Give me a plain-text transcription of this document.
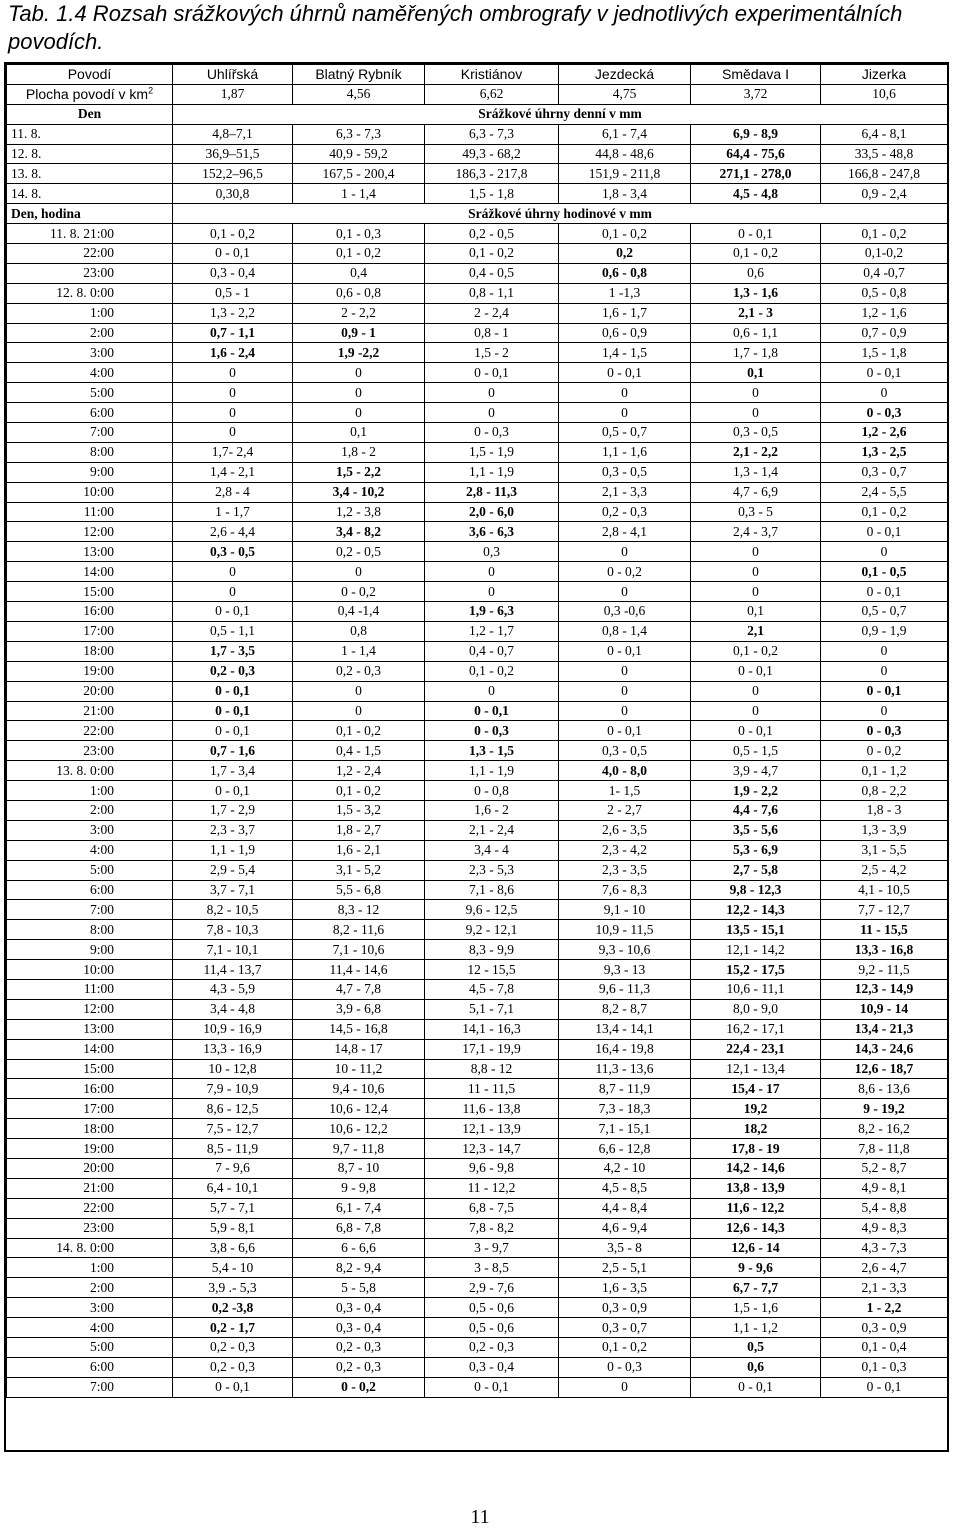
Tab. 1.4 Rozsah srážkových úhrnů naměřených ombrografy v jednotlivých experimentálních povodích.
Povodí	Uhlířská	Blatný Rybník	Kristiánov	Jezdecká	Smědava I	Jizerka
Plocha povodí v $km^2$	1,87	4,56	6,62	4,75	3,72	10,6
Den	Srážkové úhrny denní v mm					
11. 8.	4,8–7,1	6,3 - 7,3	6,3 - 7,3	6,1 - 7,4	6,9 - 8,9	6,4 - 8,1
12. 8.	36,9–51,5	40,9 - 59,2	49,3 - 68,2	44,8 - 48,6	64,4 - 75,6	33,5 - 48,8
13. 8.	152,2–96,5	167,5 - 200,4	186,3 - 217,8	151,9 - 211,8	271,1 - 278,0	166,8 - 247,8
14. 8.	0,30,8	1 - 1,4	1,5 - 1,8	1,8 - 3,4	4,5 - 4,8	0,9 - 2,4
Den, hodina	Srážkové úhrny hodinové v mm					
11. 8. 21:00	0,1 - 0,2	0,1 - 0,3	0,2 - 0,5	0,1 - 0,2	0 - 0,1	0,1 - 0,2
22:00	0 - 0,1	0,1 - 0,2	0,1 - 0,2	0,2	0,1 - 0,2	0,1-0,2
23:00	0,3 - 0,4	0,4	0,4 - 0,5	0,6 - 0,8	0,6	0,4 -0,7
12. 8. 0:00	0,5 - 1	0,6 - 0,8	0,8 - 1,1	1 -1,3	1,3 - 1,6	0,5 - 0,8
1:00	1,3 - 2,2	2 - 2,2	2 - 2,4	1,6 - 1,7	2,1 - 3	1,2 - 1,6
2:00	0,7 - 1,1	0,9 - 1	0,8 - 1	0,6 - 0,9	0,6 - 1,1	0,7 - 0,9
3:00	1,6 - 2,4	1,9 -2,2	1,5 - 2	1,4 - 1,5	1,7 - 1,8	1,5 - 1,8
4:00	0	0	0 - 0,1	0 - 0,1	0,1	0 - 0,1
5:00	0	0	0	0	0	0
6:00	0	0	0	0	0	0 - 0,3
7:00	0	0,1	0 - 0,3	0,5 - 0,7	0,3 - 0,5	1,2 - 2,6
8:00	1,7- 2,4	1,8 - 2	1,5 - 1,9	1,1 - 1,6	2,1 - 2,2	1,3 - 2,5
9:00	1,4 - 2,1	1,5 - 2,2	1,1 - 1,9	0,3 - 0,5	1,3 - 1,4	0,3 - 0,7
10:00	2,8 - 4	3,4 - 10,2	2,8 - 11,3	2,1 - 3,3	4,7 - 6,9	2,4 - 5,5
11:00	1 - 1,7	1,2 - 3,8	2,0 - 6,0	0,2 - 0,3	0,3 - 5	0,1 - 0,2
12:00	2,6 - 4,4	3,4 - 8,2	3,6 - 6,3	2,8 - 4,1	2,4 - 3,7	0 - 0,1
13:00	0,3 - 0,5	0,2 - 0,5	0,3	0	0	0
14:00	0	0	0	0 - 0,2	0	0,1 - 0,5
15:00	0	0 - 0,2	0	0	0	0 - 0,1
16:00	0 - 0,1	0,4 -1,4	1,9 - 6,3	0,3 -0,6	0,1	0,5 - 0,7
17:00	0,5 - 1,1	0,8	1,2 - 1,7	0,8 - 1,4	2,1	0,9 - 1,9
18:00	1,7 - 3,5	1 - 1,4	0,4 - 0,7	0 - 0,1	0,1 - 0,2	0
19:00	0,2 - 0,3	0,2 - 0,3	0,1 - 0,2	0	0 - 0,1	0
20:00	0 - 0,1	0	0	0	0	0 - 0,1
21:00	0 - 0,1	0	0 - 0,1	0	0	0
22:00	0 - 0,1	0,1 - 0,2	0 - 0,3	0 - 0,1	0 - 0,1	0 - 0,3
23:00	0,7 - 1,6	0,4 - 1,5	1,3 - 1,5	0,3 - 0,5	0,5 - 1,5	0 - 0,2
13. 8. 0:00	1,7 - 3,4	1,2 - 2,4	1,1 - 1,9	4,0 - 8,0	3,9 - 4,7	0,1 - 1,2
1:00	0 - 0,1	0,1 - 0,2	0 - 0,8	1- 1,5	1,9 - 2,2	0,8 - 2,2
2:00	1,7 - 2,9	1,5 - 3,2	1,6 - 2	2 - 2,7	4,4 - 7,6	1,8 - 3
3:00	2,3 - 3,7	1,8 - 2,7	2,1 - 2,4	2,6 - 3,5	3,5 - 5,6	1,3 - 3,9
4:00	1,1 - 1,9	1,6 - 2,1	3,4 - 4	2,3 - 4,2	5,3 - 6,9	3,1 - 5,5
5:00	2,9 - 5,4	3,1 - 5,2	2,3 - 5,3	2,3 - 3,5	2,7 - 5,8	2,5 - 4,2
6:00	3,7 - 7,1	5,5 - 6,8	7,1 - 8,6	7,6 - 8,3	9,8 - 12,3	4,1 - 10,5
7:00	8,2 - 10,5	8,3 - 12	9,6 - 12,5	9,1 - 10	12,2 - 14,3	7,7 - 12,7
8:00	7,8 - 10,3	8,2 - 11,6	9,2 - 12,1	10,9 - 11,5	13,5 - 15,1	11 - 15,5
9:00	7,1 - 10,1	7,1 - 10,6	8,3 - 9,9	9,3 - 10,6	12,1 - 14,2	13,3 - 16,8
10:00	11,4 - 13,7	11,4 - 14,6	12 - 15,5	9,3 - 13	15,2 - 17,5	9,2 - 11,5
11:00	4,3 - 5,9	4,7 - 7,8	4,5 - 7,8	9,6 - 11,3	10,6 - 11,1	12,3 - 14,9
12:00	3,4 - 4,8	3,9 - 6,8	5,1 - 7,1	8,2 - 8,7	8,0 - 9,0	10,9 - 14
13:00	10,9 - 16,9	14,5 - 16,8	14,1 - 16,3	13,4 - 14,1	16,2 - 17,1	13,4 - 21,3
14:00	13,3 - 16,9	14,8 - 17	17,1 - 19,9	16,4 - 19,8	22,4 - 23,1	14,3 - 24,6
15:00	10 - 12,8	10 - 11,2	8,8 - 12	11,3 - 13,6	12,1 - 13,4	12,6 - 18,7
16:00	7,9 - 10,9	9,4 - 10,6	11 - 11,5	8,7 - 11,9	15,4 - 17	8,6 - 13,6
17:00	8,6 - 12,5	10,6 - 12,4	11,6 - 13,8	7,3 - 18,3	19,2	9 - 19,2
18:00	7,5 - 12,7	10,6 - 12,2	12,1 - 13,9	7,1 - 15,1	18,2	8,2 - 16,2
19:00	8,5 - 11,9	9,7 - 11,8	12,3 - 14,7	6,6 - 12,8	17,8 - 19	7,8 - 11,8
20:00	7 - 9,6	8,7 - 10	9,6 - 9,8	4,2 - 10	14,2 - 14,6	5,2 - 8,7
21:00	6,4 - 10,1	9 - 9,8	11 - 12,2	4,5 - 8,5	13,8 - 13,9	4,9 - 8,1
22:00	5,7 - 7,1	6,1 - 7,4	6,8 - 7,5	4,4 - 8,4	11,6 - 12,2	5,4 - 8,8
23:00	5,9 - 8,1	6,8 - 7,8	7,8 - 8,2	4,6 - 9,4	12,6 - 14,3	4,9 - 8,3
14. 8. 0:00	3,8 - 6,6	6 - 6,6	3 - 9,7	3,5 - 8	12,6 - 14	4,3 - 7,3
1:00	5,4 - 10	8,2 - 9,4	3 - 8,5	2,5 - 5,1	9 - 9,6	2,6 - 4,7
2:00	3,9 .- 5,3	5 - 5,8	2,9 - 7,6	1,6 - 3,5	6,7 - 7,7	2,1 - 3,3
3:00	0,2 -3,8	0,3 - 0,4	0,5 - 0,6	0,3 - 0,9	1,5 - 1,6	1 - 2,2
4:00	0,2 - 1,7	0,3 - 0,4	0,5 - 0,6	0,3 - 0,7	1,1 - 1,2	0,3 - 0,9
5:00	0,2 - 0,3	0,2 - 0,3	0,2 - 0,3	0,1 - 0,2	0,5	0,1 - 0,4
6:00	0,2 - 0,3	0,2 - 0,3	0,3 - 0,4	0 - 0,3	0,6	0,1 - 0,3
7:00	0 - 0,1	0 - 0,2	0 - 0,1	0	0 - 0,1	0 - 0,1
11
